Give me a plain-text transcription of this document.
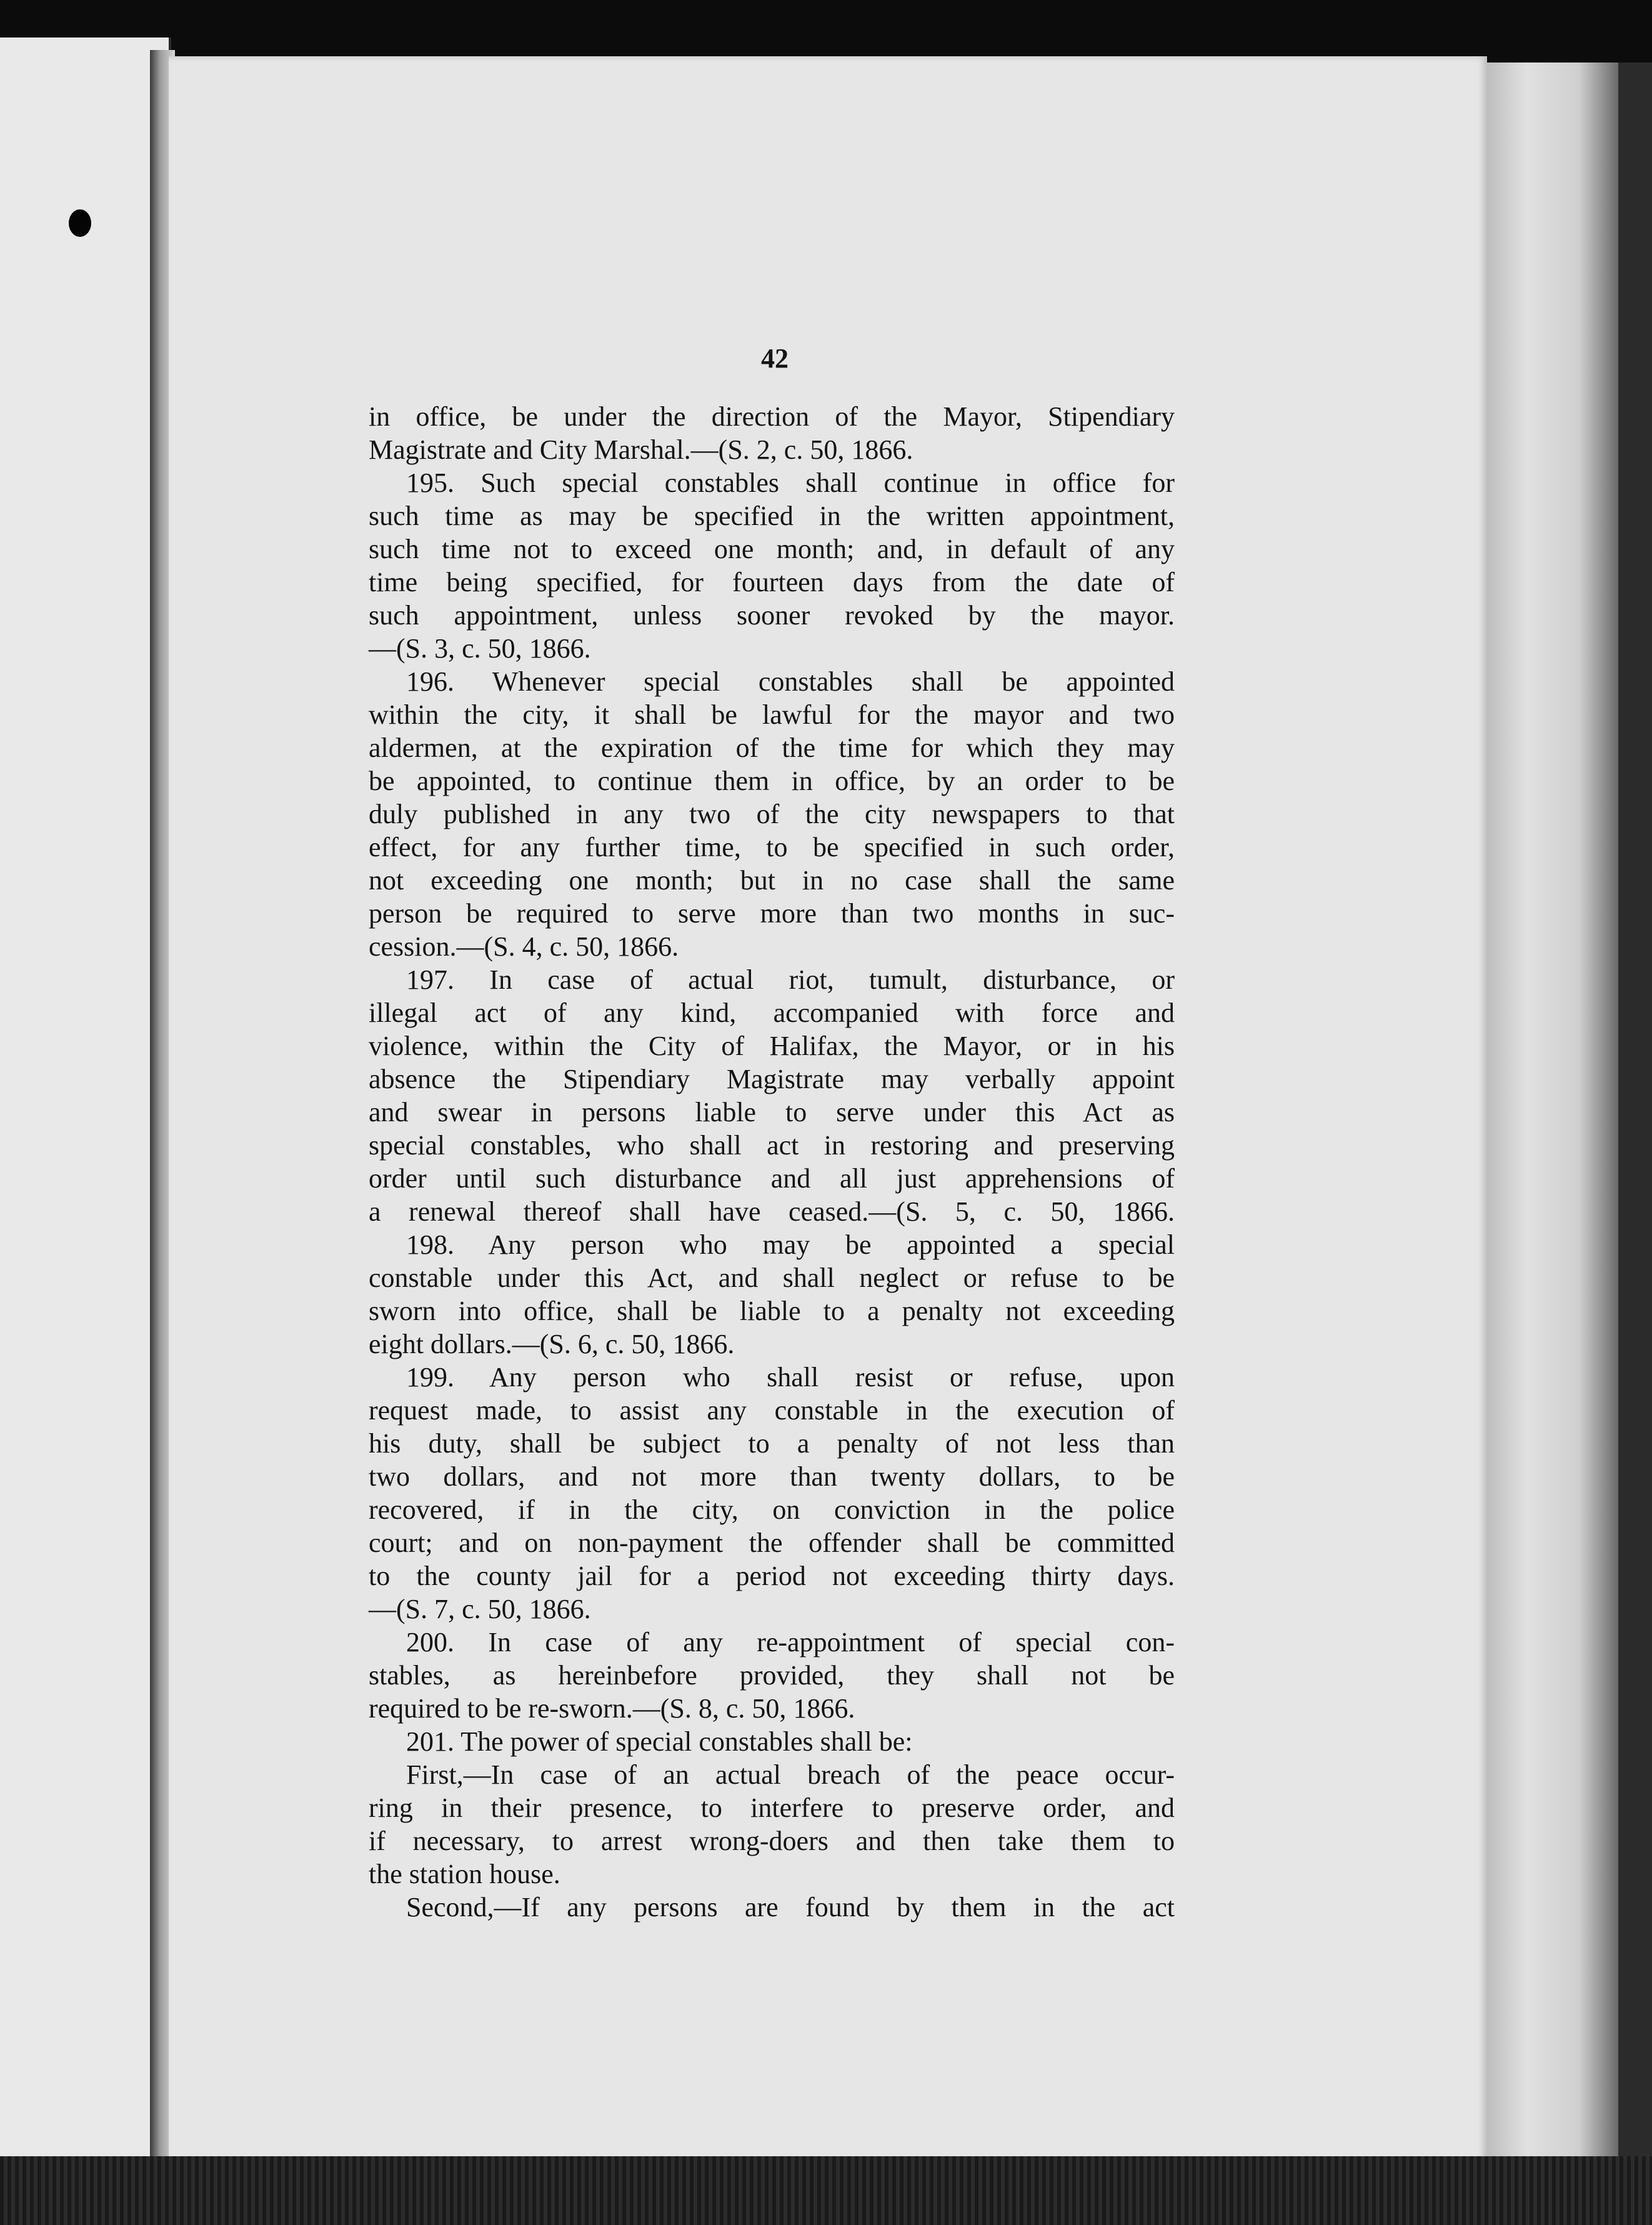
42
in office, be under the direction of the Mayor, Stipendiary
Magistrate and City Marshal.—(S. 2, c. 50, 1866.
195. Such special constables shall continue in office for
such time as may be specified in the written appointment,
such time not to exceed one month; and, in default of any
time being specified, for fourteen days from the date of
such appointment, unless sooner revoked by the mayor.
—(S. 3, c. 50, 1866.
196. Whenever special constables shall be appointed
within the city, it shall be lawful for the mayor and two
aldermen, at the expiration of the time for which they may
be appointed, to continue them in office, by an order to be
duly published in any two of the city newspapers to that
effect, for any further time, to be specified in such order,
not exceeding one month; but in no case shall the same
person be required to serve more than two months in suc-
cession.—(S. 4, c. 50, 1866.
197. In case of actual riot, tumult, disturbance, or
illegal act of any kind, accompanied with force and
violence, within the City of Halifax, the Mayor, or in his
absence the Stipendiary Magistrate may verbally appoint
and swear in persons liable to serve under this Act as
special constables, who shall act in restoring and preserving
order until such disturbance and all just apprehensions of
a renewal thereof shall have ceased.—(S. 5, c. 50, 1866.
198. Any person who may be appointed a special
constable under this Act, and shall neglect or refuse to be
sworn into office, shall be liable to a penalty not exceeding
eight dollars.—(S. 6, c. 50, 1866.
199. Any person who shall resist or refuse, upon
request made, to assist any constable in the execution of
his duty, shall be subject to a penalty of not less than
two dollars, and not more than twenty dollars, to be
recovered, if in the city, on conviction in the police
court; and on non-payment the offender shall be committed
to the county jail for a period not exceeding thirty days.
—(S. 7, c. 50, 1866.
200. In case of any re-appointment of special con-
stables, as hereinbefore provided, they shall not be
required to be re-sworn.—(S. 8, c. 50, 1866.
201. The power of special constables shall be:
First,—In case of an actual breach of the peace occur-
ring in their presence, to interfere to preserve order, and
if necessary, to arrest wrong-doers and then take them to
the station house.
Second,—If any persons are found by them in the act
